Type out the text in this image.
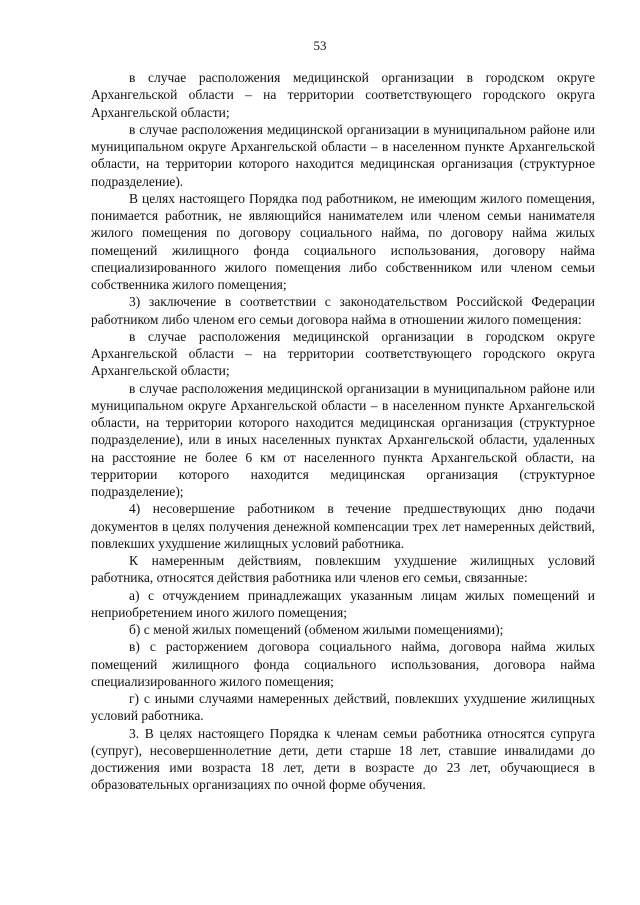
53

в случае расположения медицинской организации в городском округе Архангельской области – на территории соответствующего городского округа Архангельской области;

в случае расположения медицинской организации в муниципальном районе или муниципальном округе Архангельской области – в населенном пункте Архангельской области, на территории которого находится медицинская организация (структурное подразделение).

В целях настоящего Порядка под работником, не имеющим жилого помещения, понимается работник, не являющийся нанимателем или членом семьи нанимателя жилого помещения по договору социального найма, по договору найма жилых помещений жилищного фонда социального использования, договору найма специализированного жилого помещения либо собственником или членом семьи собственника жилого помещения;

3) заключение в соответствии с законодательством Российской Федерации работником либо членом его семьи договора найма в отношении жилого помещения:

в случае расположения медицинской организации в городском округе Архангельской области – на территории соответствующего городского округа Архангельской области;

в случае расположения медицинской организации в муниципальном районе или муниципальном округе Архангельской области – в населенном пункте Архангельской области, на территории которого находится медицинская организация (структурное подразделение), или в иных населенных пунктах Архангельской области, удаленных на расстояние не более 6 км от населенного пункта Архангельской области, на территории которого находится медицинская организация (структурное подразделение);

4) несовершение работником в течение предшествующих дню подачи документов в целях получения денежной компенсации трех лет намеренных действий, повлекших ухудшение жилищных условий работника.

К намеренным действиям, повлекшим ухудшение жилищных условий работника, относятся действия работника или членов его семьи, связанные:

а) с отчуждением принадлежащих указанным лицам жилых помещений и неприобретением иного жилого помещения;

б) с меной жилых помещений (обменом жилыми помещениями);

в) с расторжением договора социального найма, договора найма жилых помещений жилищного фонда социального использования, договора найма специализированного жилого помещения;

г) с иными случаями намеренных действий, повлекших ухудшение жилищных условий работника.

3. В целях настоящего Порядка к членам семьи работника относятся супруга (супруг), несовершеннолетние дети, дети старше 18 лет, ставшие инвалидами до достижения ими возраста 18 лет, дети в возрасте до 23 лет, обучающиеся в образовательных организациях по очной форме обучения.
